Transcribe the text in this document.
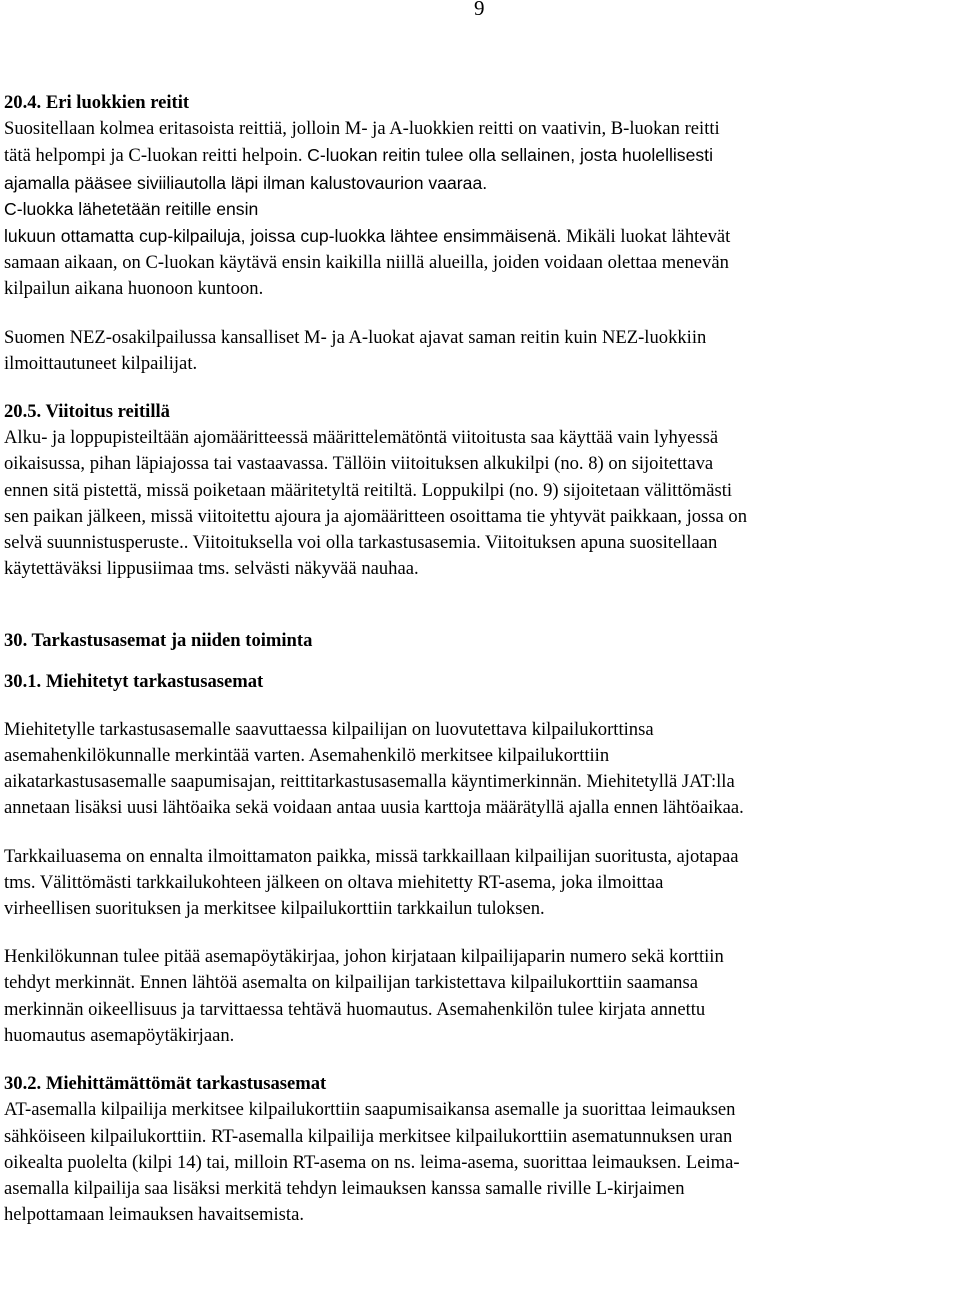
9

20.4. Eri luokkien reitit

Suositellaan kolmea eritasoista reittiä, jolloin M- ja A-luokkien reitti on vaativin, B-luokan reitti

tätä helpompi ja C-luokan reitti helpoin. C-luokan reitin tulee olla sellainen, josta huolellisesti

ajamalla pääsee siviiliautolla läpi ilman kalustovaurion vaaraa.

C-luokka lähetetään reitille ensin

lukuun ottamatta cup-kilpailuja, joissa cup-luokka lähtee ensimmäisenä. Mikäli luokat lähtevät

samaan aikaan, on C-luokan käytävä ensin kaikilla niillä alueilla, joiden voidaan olettaa menevän

kilpailun aikana huonoon kuntoon.

Suomen NEZ-osakilpailussa kansalliset M- ja A-luokat ajavat saman reitin kuin NEZ-luokkiin

ilmoittautuneet kilpailijat.

20.5. Viitoitus reitillä

Alku- ja loppupisteiltään ajomääritteessä määrittelemätöntä viitoitusta saa käyttää vain lyhyessä

oikaisussa, pihan läpiajossa tai vastaavassa. Tällöin viitoituksen alkukilpi (no. 8) on sijoitettava

ennen sitä pistettä, missä poiketaan määritetyltä reitiltä. Loppukilpi (no. 9) sijoitetaan välittömästi

sen paikan jälkeen, missä viitoitettu ajoura ja ajomääritteen osoittama tie yhtyvät paikkaan, jossa on

selvä suunnistusperuste.. Viitoituksella voi olla tarkastusasemia. Viitoituksen apuna suositellaan

käytettäväksi lippusiimaa tms. selvästi näkyvää nauhaa.

30. Tarkastusasemat ja niiden toiminta

30.1. Miehitetyt tarkastusasemat

Miehitetylle tarkastusasemalle saavuttaessa kilpailijan on luovutettava kilpailukorttinsa

asemahenkilökunnalle merkintää varten. Asemahenkilö merkitsee kilpailukorttiin

aikatarkastusasemalle saapumisajan, reittitarkastusasemalla käyntimerkinnän. Miehitetyllä JAT:lla

annetaan lisäksi uusi lähtöaika sekä voidaan antaa uusia karttoja määrätyllä ajalla ennen lähtöaikaa.

Tarkkailuasema on ennalta ilmoittamaton paikka, missä tarkkaillaan kilpailijan suoritusta, ajotapaa

tms. Välittömästi tarkkailukohteen jälkeen on oltava miehitetty RT-asema, joka ilmoittaa

virheellisen suorituksen ja merkitsee kilpailukorttiin tarkkailun tuloksen.

Henkilökunnan tulee pitää asemapöytäkirjaa, johon kirjataan kilpailijaparin numero sekä korttiin

tehdyt merkinnät. Ennen lähtöä asemalta on kilpailijan tarkistettava kilpailukorttiin saamansa

merkinnän oikeellisuus ja tarvittaessa tehtävä huomautus. Asemahenkilön tulee kirjata annettu

huomautus asemapöytäkirjaan.

30.2. Miehittämättömät tarkastusasemat

AT-asemalla kilpailija merkitsee kilpailukorttiin saapumisaikansa asemalle ja suorittaa leimauksen

sähköiseen kilpailukorttiin. RT-asemalla kilpailija merkitsee kilpailukorttiin asematunnuksen uran

oikealta puolelta (kilpi 14) tai, milloin RT-asema on ns. leima-asema, suorittaa leimauksen. Leima-

asemalla kilpailija saa lisäksi merkitä tehdyn leimauksen kanssa samalle riville L-kirjaimen

helpottamaan leimauksen havaitsemista.
